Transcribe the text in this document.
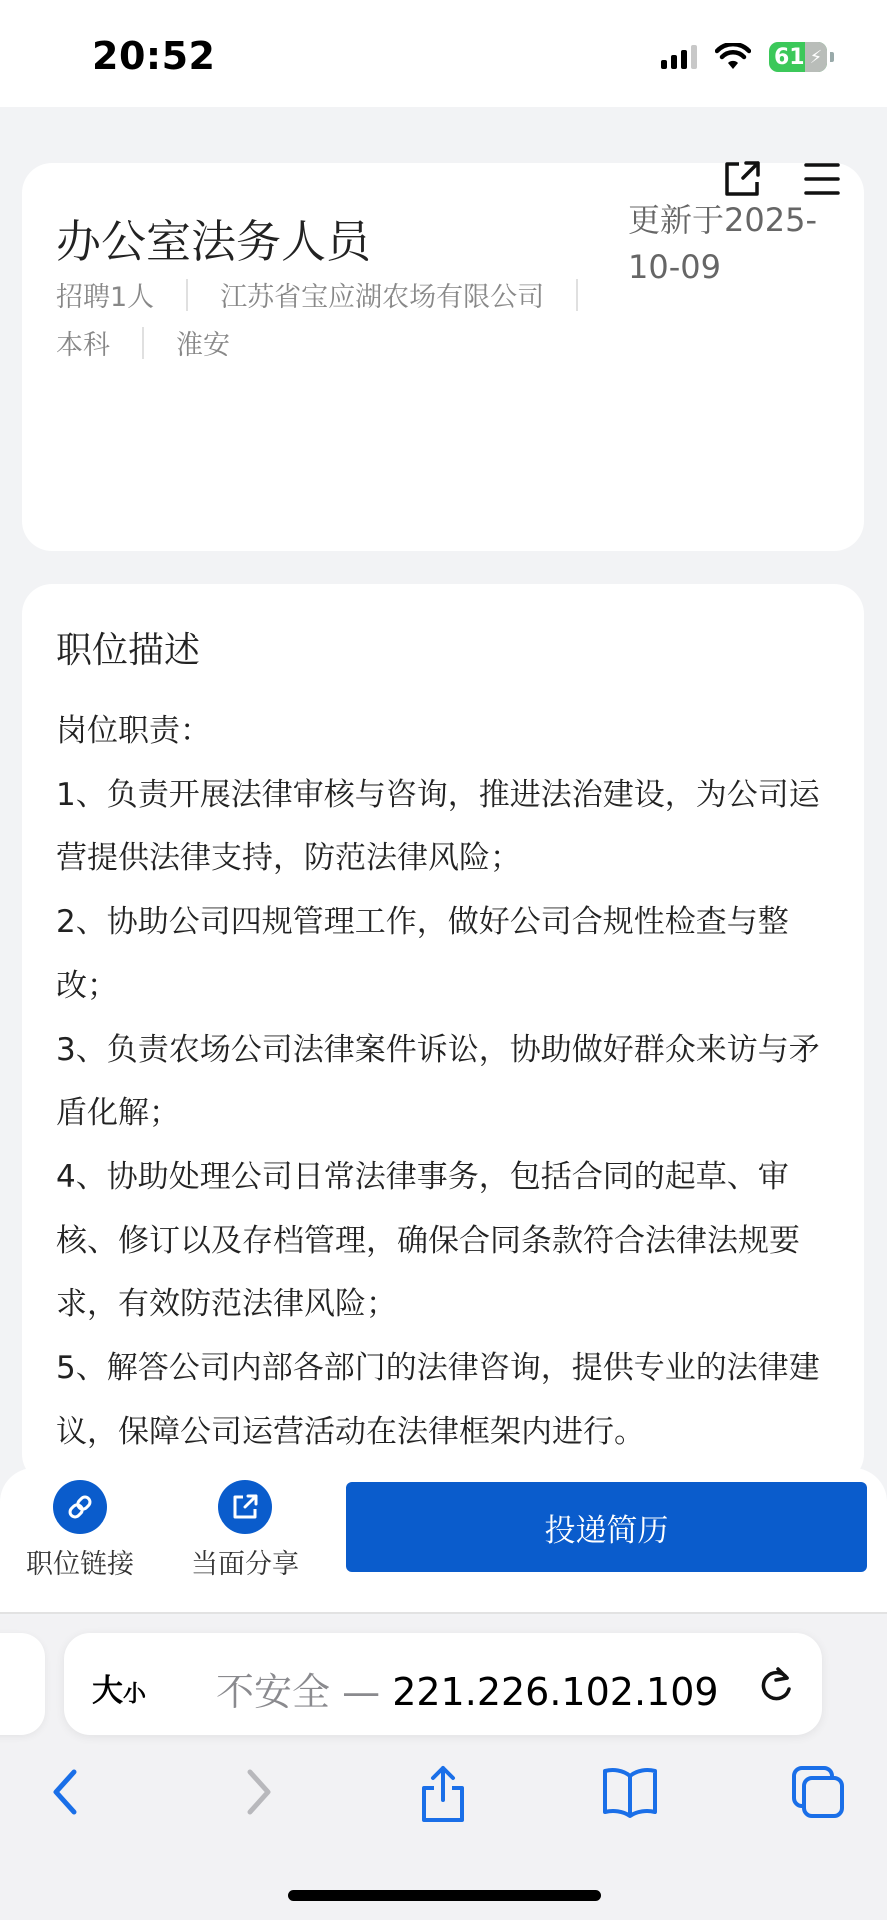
20:52	61 ⚡
办公室法务人员	更新于2025-10-09
招聘1人 江苏省宝应湖农场有限公司
本科 淮安
职位描述

岗位职责：

1、负责开展法律审核与咨询，推进法治建设，为公司运营提供法律支持，防范法律风险；

2、协助公司四规管理工作，做好公司合规性检查与整改；

3、负责农场公司法律案件诉讼，协助做好群众来访与矛盾化解；

4、协助处理公司日常法律事务，包括合同的起草、审核、修订以及存档管理，确保合同条款符合法律法规要求，有效防范法律风险；

5、解答公司内部各部门的法律咨询，提供专业的法律建议，保障公司运营活动在法律框架内进行。

职位链接 当面分享
投递简历
大小 不安全 — 221.226.102.109
